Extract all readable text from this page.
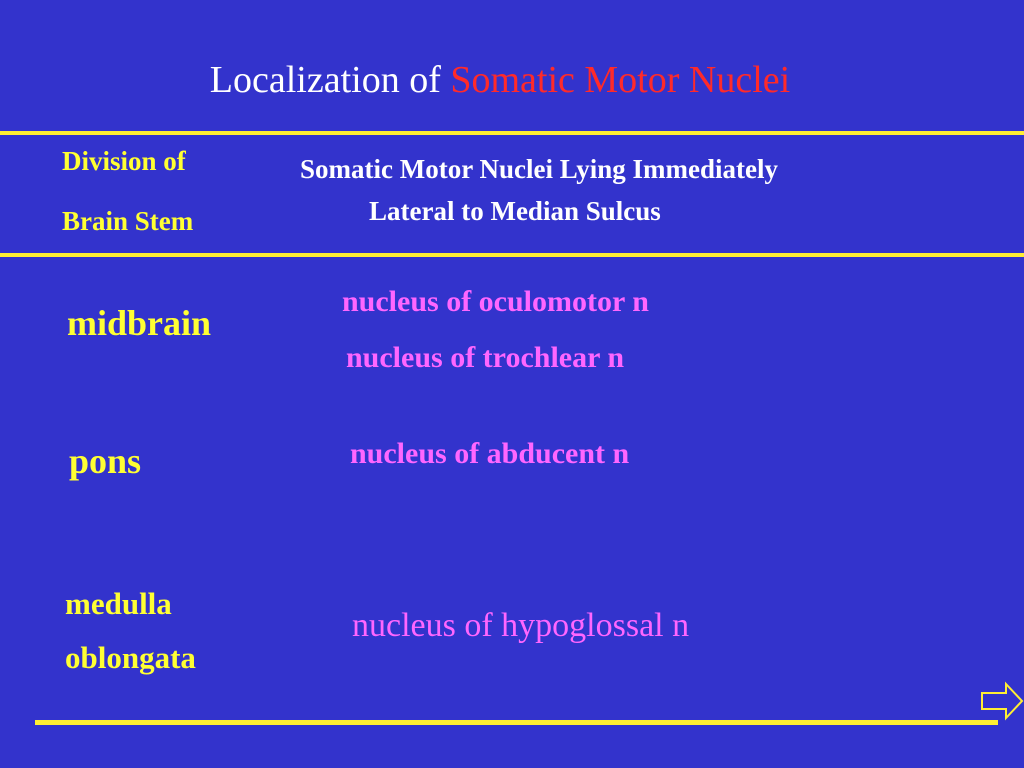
Localization of Somatic Motor Nuclei
Division of
Brain Stem
Somatic Motor Nuclei Lying Immediately
Lateral to Median Sulcus
midbrain
nucleus of oculomotor n
nucleus of trochlear n
pons	nucleus of abducent n
medulla
oblongata
nucleus of hypoglossal n
